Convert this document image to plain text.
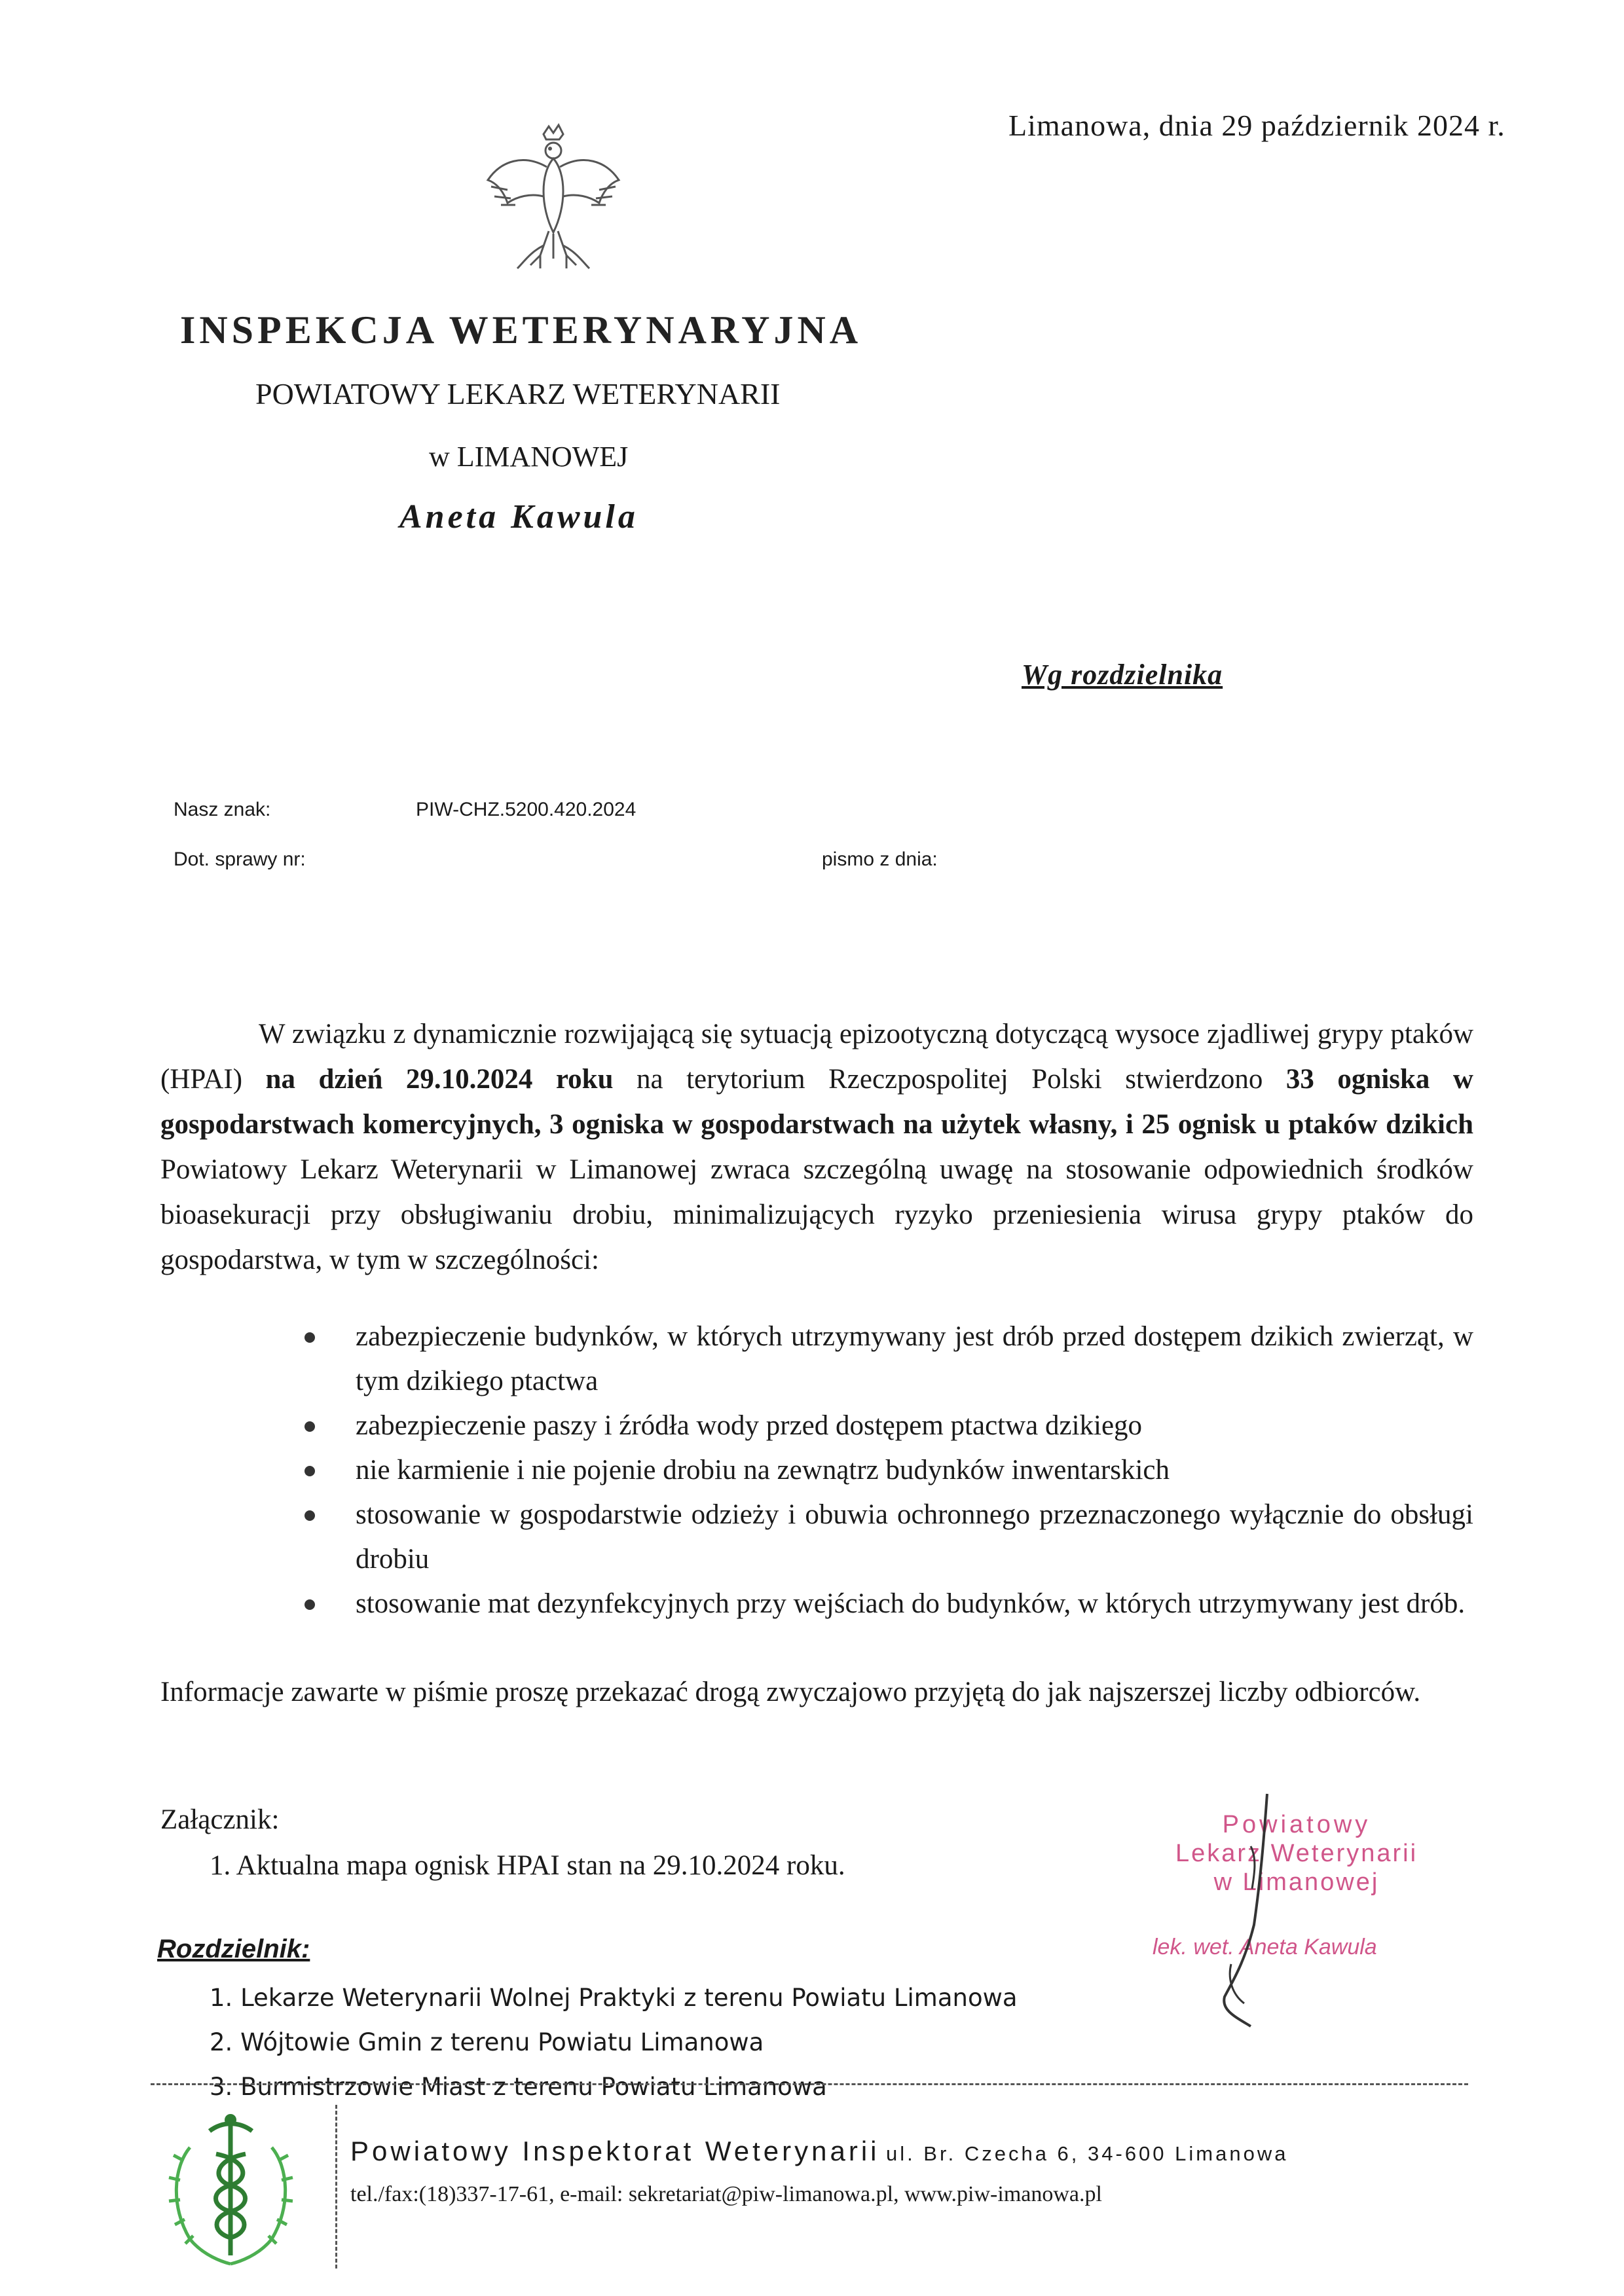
Limanowa, dnia 29 październik 2024 r.
INSPEKCJA WETERYNARYJNA
POWIATOWY LEKARZ WETERYNARII
w LIMANOWEJ
Aneta Kawula
Wg rozdzielnika
Nasz znak:	PIW-CHZ.5200.420.2024
Dot. sprawy nr:	pismo z dnia:
W związku z dynamicznie rozwijającą się sytuacją epizootyczną dotyczącą wysoce zjadliwej grypy ptaków (HPAI) na dzień 29.10.2024 roku na terytorium Rzeczpospolitej Polski stwierdzono 33 ogniska w gospodarstwach komercyjnych, 3 ogniska w gospodarstwach na użytek własny, i 25 ognisk u ptaków dzikich Powiatowy Lekarz Weterynarii w Limanowej zwraca szczególną uwagę na stosowanie odpowiednich środków bioasekuracji przy obsługiwaniu drobiu, minimalizujących ryzyko przeniesienia wirusa grypy ptaków do gospodarstwa, w tym w szczególności:
zabezpieczenie budynków, w których utrzymywany jest drób przed dostępem dzikich zwierząt, w tym dzikiego ptactwa
zabezpieczenie paszy i źródła wody przed dostępem ptactwa dzikiego
nie karmienie i nie pojenie drobiu na zewnątrz budynków inwentarskich
stosowanie w gospodarstwie odzieży i obuwia ochronnego przeznaczonego wyłącznie do obsługi drobiu
stosowanie mat dezynfekcyjnych przy wejściach do budynków, w których utrzymywany jest drób.
Informacje zawarte w piśmie proszę przekazać drogą zwyczajowo przyjętą do jak najszerszej liczby odbiorców.
Załącznik:
1. Aktualna mapa ognisk HPAI stan na 29.10.2024 roku.
Rozdzielnik:
1. Lekarze Weterynarii Wolnej Praktyki z terenu Powiatu Limanowa
2. Wójtowie Gmin z terenu Powiatu Limanowa
3. Burmistrzowie Miast z terenu Powiatu Limanowa
Powiatowy
Lekarz Weterynarii
w Limanowej
lek. wet. Aneta Kawula
Powiatowy Inspektorat Weterynarii ul. Br. Czecha 6, 34-600 Limanowa
tel./fax:(18)337-17-61, e-mail: sekretariat@piw-limanowa.pl, www.piw-imanowa.pl
